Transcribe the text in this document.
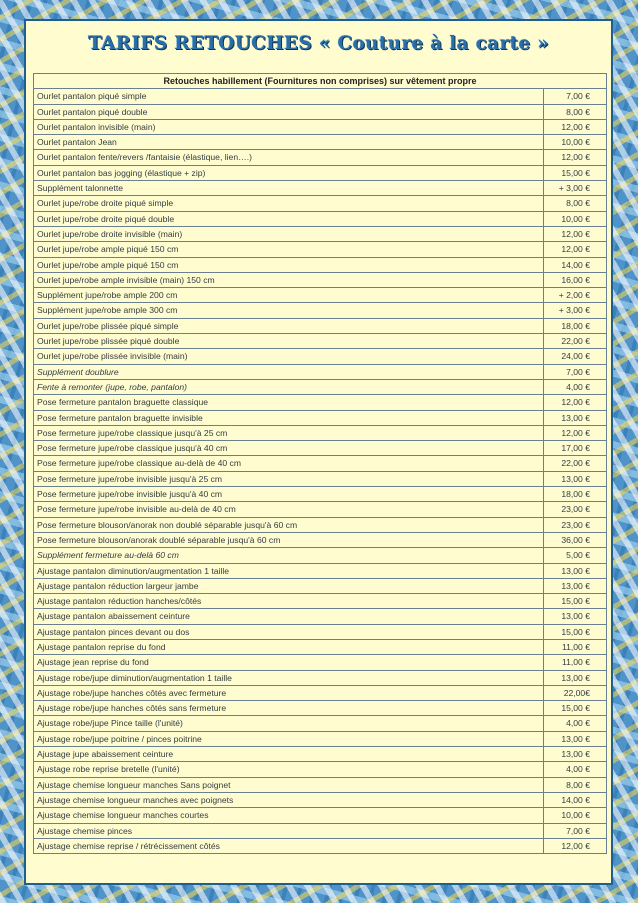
TARIFS RETOUCHES « Couture à la carte »
Retouches habillement (Fournitures non comprises) sur vêtement propre	
Ourlet pantalon piqué simple	7,00 €
Ourlet pantalon piqué double	8,00 €
Ourlet pantalon invisible (main)	12,00 €
Ourlet pantalon Jean	10,00 €
Ourlet pantalon fente/revers /fantaisie (élastique, lien….)	12,00 €
Ourlet pantalon bas jogging (élastique + zip)	15,00 €
Supplément talonnette	+ 3,00 €
Ourlet jupe/robe droite piqué simple	8,00 €
Ourlet jupe/robe droite piqué double	10,00 €
Ourlet jupe/robe droite invisible (main)	12,00 €
Ourlet jupe/robe ample piqué 150 cm	12,00 €
Ourlet jupe/robe ample piqué 150 cm	14,00 €
Ourlet jupe/robe ample invisible (main) 150 cm	16,00 €
Supplément jupe/robe ample 200 cm	+ 2,00 €
Supplément jupe/robe ample 300 cm	+ 3,00 €
Ourlet jupe/robe plissée piqué simple	18,00 €
Ourlet jupe/robe plissée piqué double	22,00 €
Ourlet jupe/robe plissée invisible (main)	24,00 €
Supplément doublure	7,00 €
Fente à remonter (jupe, robe, pantalon)	4,00 €
Pose fermeture pantalon braguette classique	12,00 €
Pose fermeture pantalon braguette invisible	13,00 €
Pose fermeture jupe/robe classique jusqu'à 25 cm	12,00 €
Pose fermeture jupe/robe classique jusqu'à 40 cm	17,00 €
Pose fermeture jupe/robe classique au-delà de 40 cm	22,00 €
Pose fermeture jupe/robe invisible jusqu'à 25 cm	13,00 €
Pose fermeture jupe/robe invisible jusqu'à 40 cm	18,00 €
Pose fermeture jupe/robe invisible au-delà de 40 cm	23,00 €
Pose fermeture blouson/anorak non doublé séparable jusqu'à 60 cm	23,00 €
Pose fermeture blouson/anorak doublé séparable jusqu'à 60 cm	36,00 €
Supplément fermeture au-delà 60 cm	5,00 €
Ajustage pantalon diminution/augmentation 1 taille	13,00 €
Ajustage pantalon réduction largeur jambe	13,00 €
Ajustage pantalon réduction hanches/côtés	15,00 €
Ajustage pantalon abaissement ceinture	13,00 €
Ajustage pantalon pinces devant ou dos	15,00 €
Ajustage pantalon reprise du fond	11,00 €
Ajustage jean reprise du fond	11,00 €
Ajustage robe/jupe diminution/augmentation 1 taille	13,00 €
Ajustage robe/jupe hanches côtés avec fermeture	22,00€
Ajustage robe/jupe hanches côtés sans fermeture	15,00 €
Ajustage robe/jupe Pince taille (l'unité)	4,00 €
Ajustage robe/jupe poitrine / pinces poitrine	13,00 €
Ajustage jupe abaissement ceinture	13,00 €
Ajustage robe reprise bretelle (l'unité)	4,00 €
Ajustage chemise longueur manches Sans poignet	8,00 €
Ajustage chemise longueur manches avec poignets	14,00 €
Ajustage chemise longueur manches courtes	10,00 €
Ajustage chemise pinces	7,00 €
Ajustage chemise reprise / rétrécissement côtés	12,00 €
